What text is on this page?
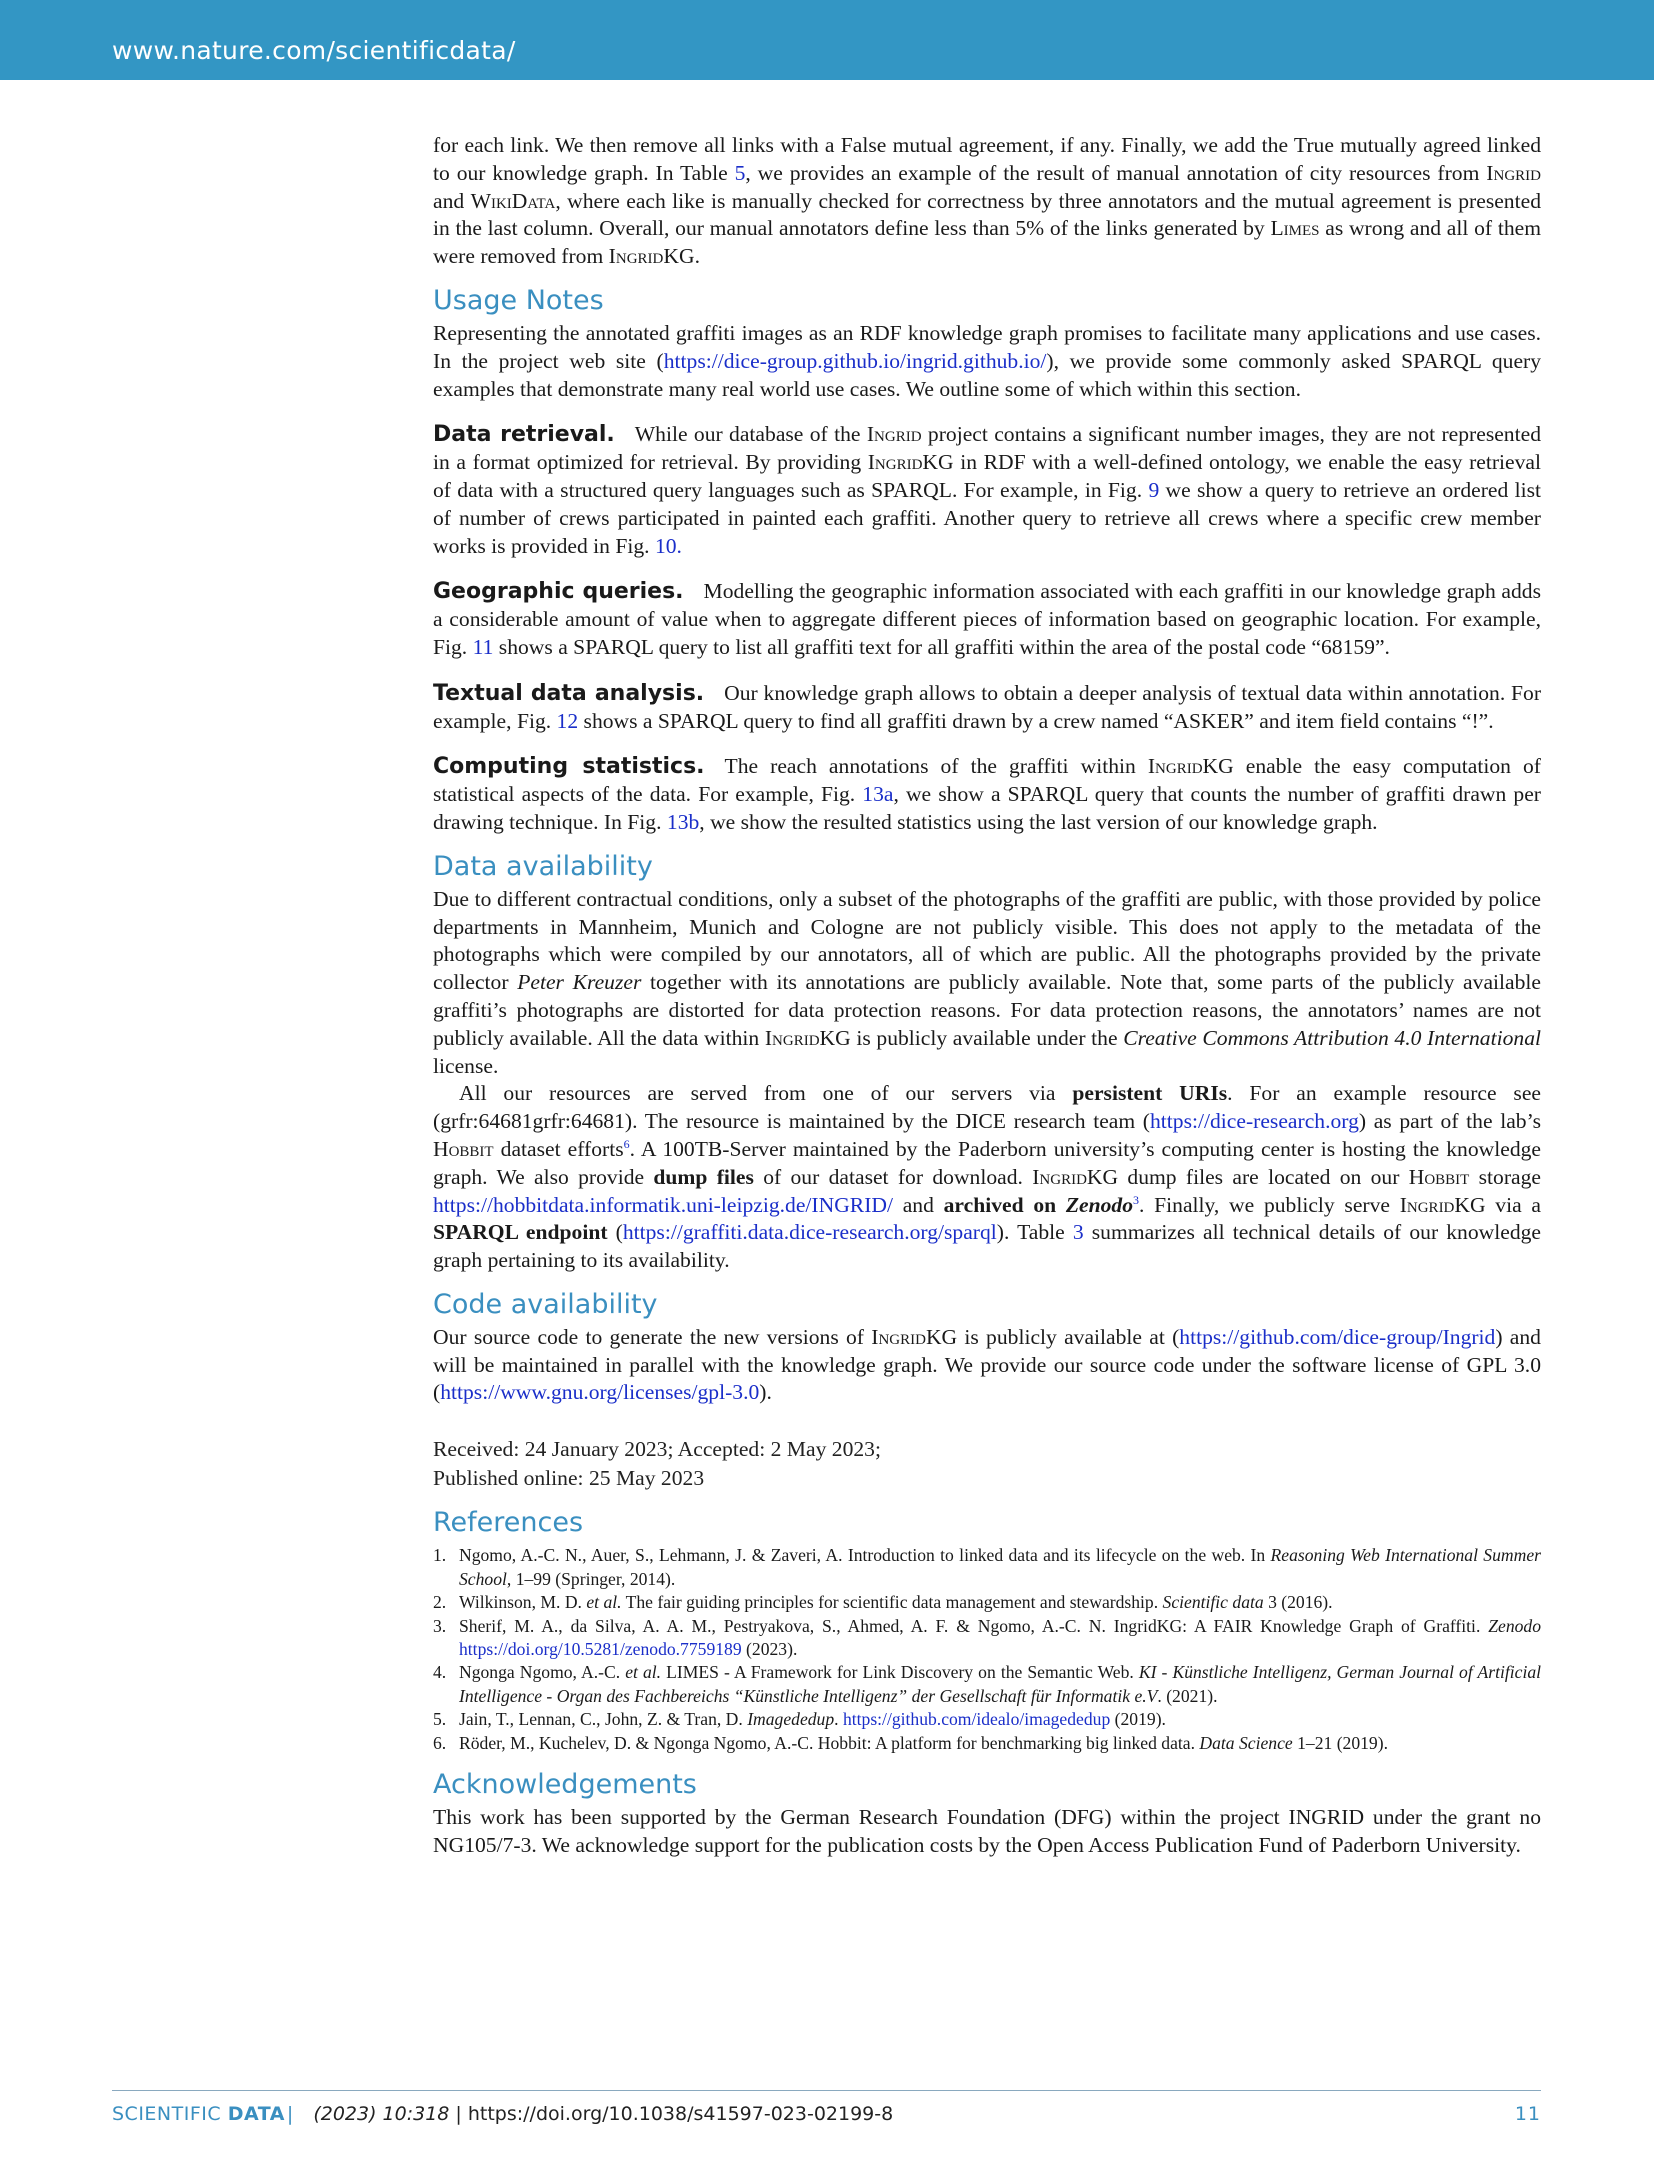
www.nature.com/scientificdata/

for each link. We then remove all links with a False mutual agreement, if any. Finally, we add the True mutually agreed linked to our knowledge graph. In Table 5, we provides an example of the result of manual annotation of city resources from Ingrid and WikiData, where each like is manually checked for correctness by three annotators and the mutual agreement is presented in the last column. Overall, our manual annotators define less than 5% of the links generated by Limes as wrong and all of them were removed from IngridKG.

Usage Notes

Representing the annotated graffiti images as an RDF knowledge graph promises to facilitate many applications and use cases. In the project web site (https://dice-group.github.io/ingrid.github.io/), we provide some commonly asked SPARQL query examples that demonstrate many real world use cases. We outline some of which within this section.

Data retrieval. While our database of the Ingrid project contains a significant number images, they are not represented in a format optimized for retrieval. By providing IngridKG in RDF with a well-defined ontology, we enable the easy retrieval of data with a structured query languages such as SPARQL. For example, in Fig. 9 we show a query to retrieve an ordered list of number of crews participated in painted each graffiti. Another query to retrieve all crews where a specific crew member works is provided in Fig. 10.

Geographic queries. Modelling the geographic information associated with each graffiti in our knowledge graph adds a considerable amount of value when to aggregate different pieces of information based on geographic location. For example, Fig. 11 shows a SPARQL query to list all graffiti text for all graffiti within the area of the postal code “68159”.

Textual data analysis. Our knowledge graph allows to obtain a deeper analysis of textual data within annotation. For example, Fig. 12 shows a SPARQL query to find all graffiti drawn by a crew named “ASKER” and item field contains “!”.

Computing statistics. The reach annotations of the graffiti within IngridKG enable the easy computation of statistical aspects of the data. For example, Fig. 13a, we show a SPARQL query that counts the number of graffiti drawn per drawing technique. In Fig. 13b, we show the resulted statistics using the last version of our knowledge graph.

Data availability

Due to different contractual conditions, only a subset of the photographs of the graffiti are public, with those provided by police departments in Mannheim, Munich and Cologne are not publicly visible. This does not apply to the metadata of the photographs which were compiled by our annotators, all of which are public. All the photographs provided by the private collector Peter Kreuzer together with its annotations are publicly available. Note that, some parts of the publicly available graffiti’s photographs are distorted for data protection reasons. For data protection reasons, the annotators’ names are not publicly available. All the data within IngridKG is publicly available under the Creative Commons Attribution 4.0 International license.

All our resources are served from one of our servers via persistent URIs. For an example resource see (grfr:64681grfr:64681). The resource is maintained by the DICE research team (https://dice-research.org) as part of the lab’s Hobbit dataset efforts$^6$. A 100TB-Server maintained by the Paderborn university’s computing center is hosting the knowledge graph. We also provide dump files of our dataset for download. IngridKG dump files are located on our Hobbit storage https://hobbitdata.informatik.uni-leipzig.de/INGRID/ and archived on Zenodo$^3$. Finally, we publicly serve IngridKG via a SPARQL endpoint (https://graffiti.data.dice-research.org/sparql). Table 3 summarizes all technical details of our knowledge graph pertaining to its availability.

Code availability

Our source code to generate the new versions of IngridKG is publicly available at (https://github.com/dice-group/Ingrid) and will be maintained in parallel with the knowledge graph. We provide our source code under the software license of GPL 3.0 (https://www.gnu.org/licenses/gpl-3.0).

Received: 24 January 2023; Accepted: 2 May 2023;
Published online: 25 May 2023
References
1. Ngomo, A.-C. N., Auer, S., Lehmann, J. & Zaveri, A. Introduction to linked data and its lifecycle on the web. In Reasoning Web International Summer School, 1–99 (Springer, 2014).
2. Wilkinson, M. D. et al. The fair guiding principles for scientific data management and stewardship. Scientific data 3 (2016).
3. Sherif, M. A., da Silva, A. A. M., Pestryakova, S., Ahmed, A. F. & Ngomo, A.-C. N. IngridKG: A FAIR Knowledge Graph of Graffiti. Zenodo https://doi.org/10.5281/zenodo.7759189 (2023).
4. Ngonga Ngomo, A.-C. et al. LIMES - A Framework for Link Discovery on the Semantic Web. KI - Künstliche Intelligenz, German Journal of Artificial Intelligence - Organ des Fachbereichs “Künstliche Intelligenz” der Gesellschaft für Informatik e.V. (2021).
5. Jain, T., Lennan, C., John, Z. & Tran, D. Imagededup. https://github.com/idealo/imagededup (2019).
6. Röder, M., Kuchelev, D. & Ngonga Ngomo, A.-C. Hobbit: A platform for benchmarking big linked data. Data Science 1–21 (2019).
Acknowledgements

This work has been supported by the German Research Foundation (DFG) within the project INGRID under the grant no NG105/7-3. We acknowledge support for the publication costs by the Open Access Publication Fund of Paderborn University.

SCIENTIFIC DATA | (2023) 10:318 | https://doi.org/10.1038/s41597-023-02199-8	11
